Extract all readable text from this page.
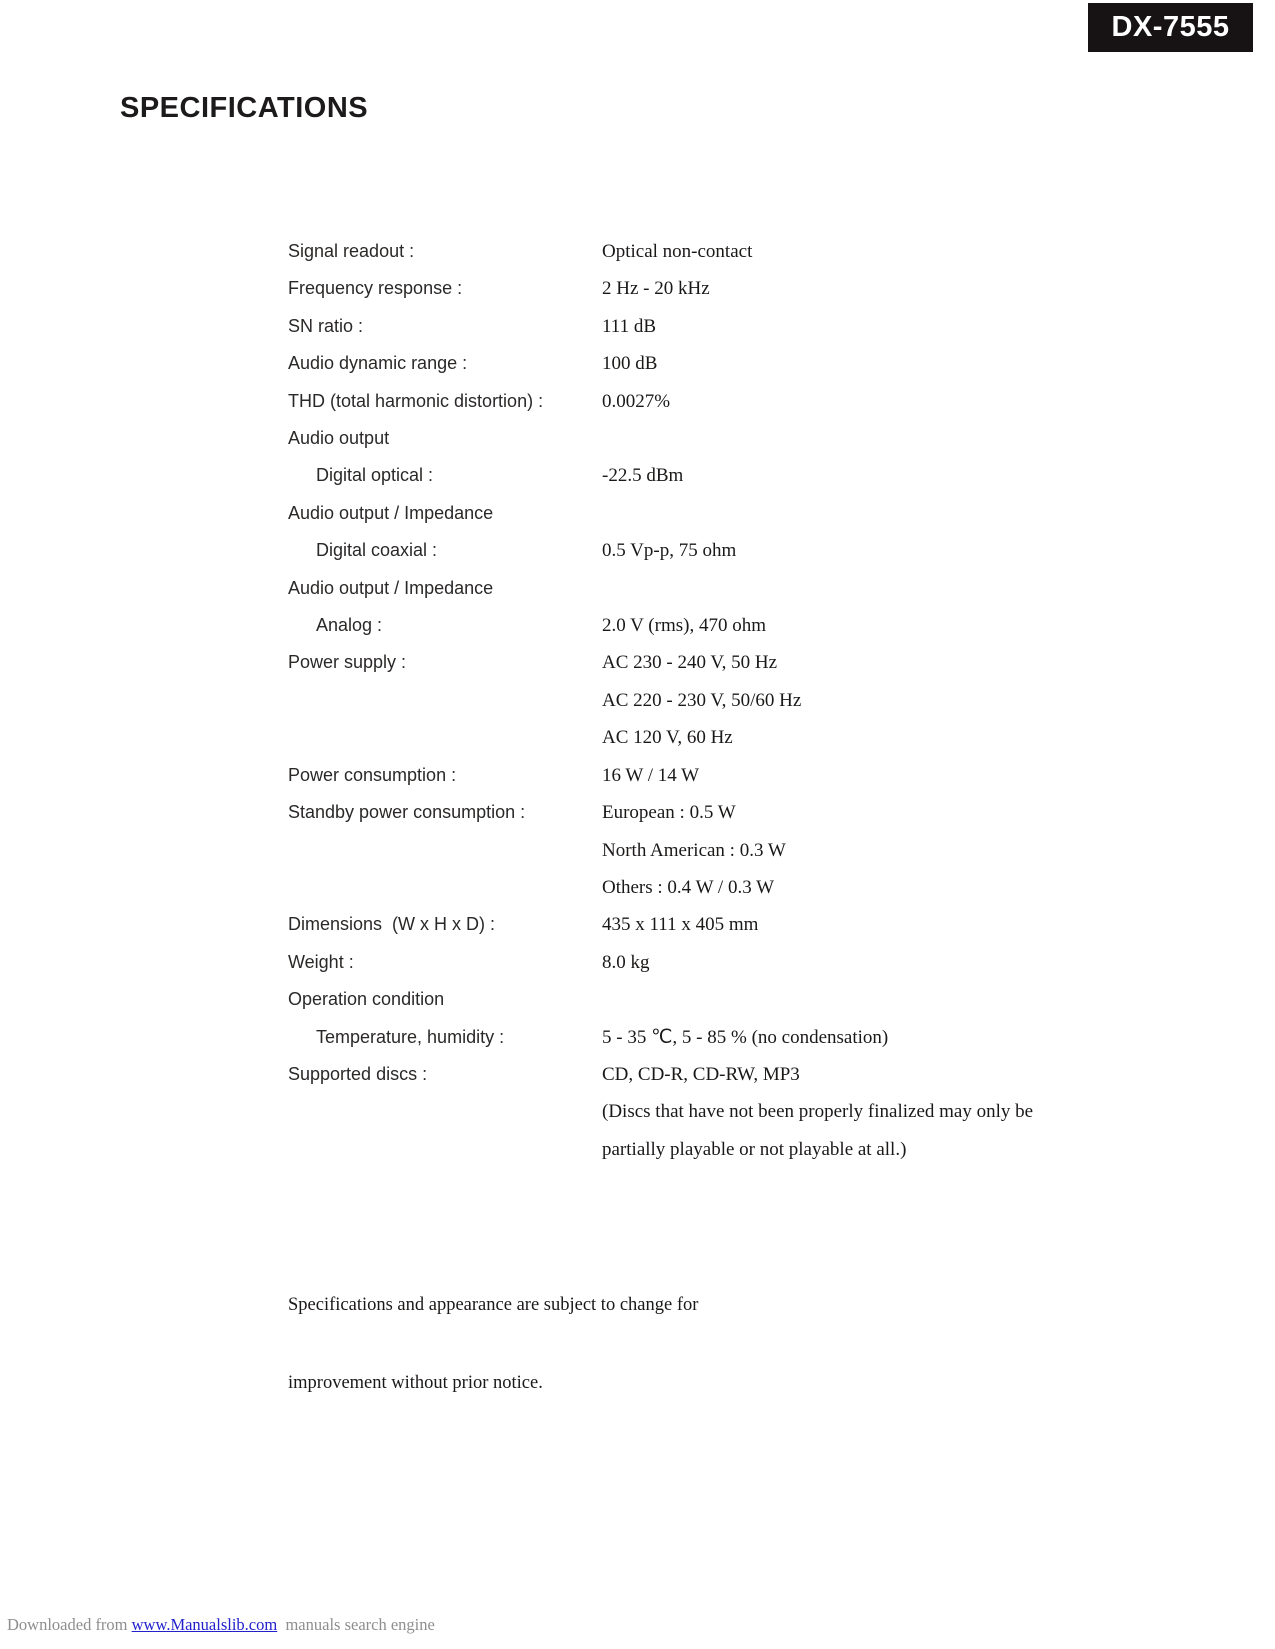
DX-7555
SPECIFICATIONS
Signal readout :	Optical non-contact
Frequency response :	2 Hz - 20 kHz
SN ratio :	111 dB
Audio dynamic range :	100 dB
THD (total harmonic distortion) :	0.0027%
Audio output
Digital optical :	-22.5 dBm
Audio output / Impedance
Digital coaxial :	0.5 Vp-p, 75 ohm
Audio output / Impedance
Analog :	2.0 V (rms), 470 ohm
Power supply :	AC 230 - 240 V, 50 Hz
AC 220 - 230 V, 50/60 Hz
AC 120 V, 60 Hz
Power consumption :	16 W / 14 W
Standby power consumption :	European : 0.5 W
North American : 0.3 W
Others : 0.4 W / 0.3 W
Dimensions  (W x H x D) :	435 x 111 x 405 mm
Weight :	8.0 kg
Operation condition
Temperature, humidity :	5 - 35 ℃, 5 - 85 % (no condensation)
Supported discs :	CD, CD-R, CD-RW, MP3
(Discs that have not been properly finalized may only be
partially playable or not playable at all.)

Specifications and appearance are subject to change for

improvement without prior notice.

Downloaded from www.Manualslib.com  manuals search engine
